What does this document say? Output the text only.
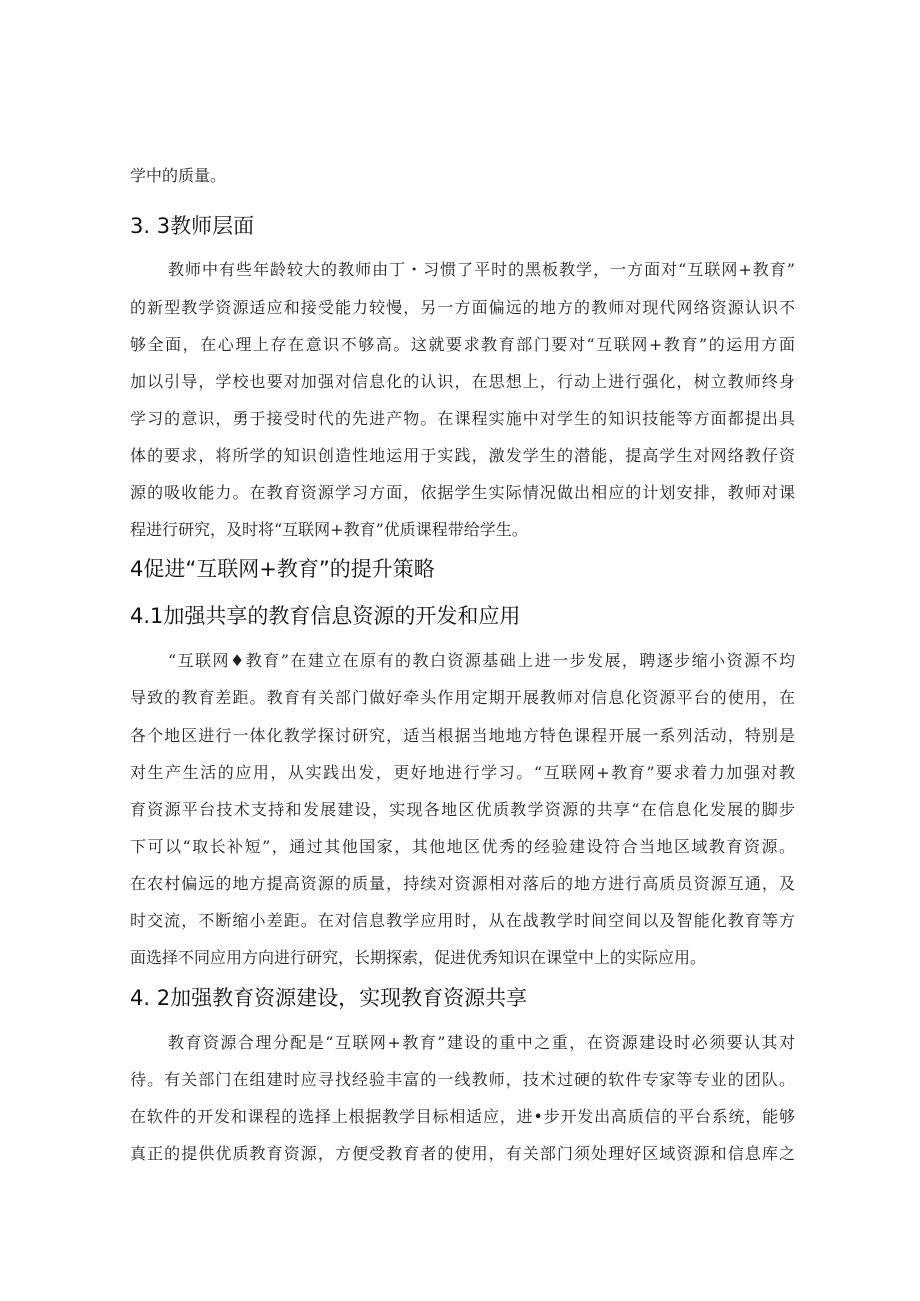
学中的质量。
3. 3教师层面
教师中有些年龄较大的教师由丁・习惯了平时的黑板教学，一方面对“互联网+教育”
的新型教学资源适应和接受能力较慢，另一方面偏远的地方的教师对现代网络资源认识不
够全面，在心理上存在意识不够高。这就要求教育部门要对“互联网+教育”的运用方面
加以引导，学校也要对加强对信息化的认识，在思想上，行动上进行强化，树立教师终身
学习的意识，勇于接受时代的先进产物。在课程实施中对学生的知识技能等方面都提出具
体的要求，将所学的知识创造性地运用于实践，激发学生的潜能，提高学生对网络教仔资
源的吸收能力。在教育资源学习方面，依据学生实际情况做出相应的计划安排，教师对课
程进行研究，及时将“互联网+教育”优质课程带给学生。
4促进“互联网+教育”的提升策略
4.1加强共享的教育信息资源的开发和应用
“互联网♦教育”在建立在原有的教白资源基础上进一步发展，聘逐步缩小资源不均
导致的教育差距。教育有关部门做好牵头作用定期开展教师对信息化资源平台的使用，在
各个地区进行一体化教学探讨研究，适当根据当地地方特色课程开展一系列活动，特别是
对生产生活的应用，从实践出发，更好地进行学习。“互联网+教育”要求着力加强对教
育资源平台技术支持和发展建设，实现各地区优质教学资源的共享“在信息化发展的脚步
下可以“取长补短”，通过其他国家，其他地区优秀的经验建设符合当地区域教育资源。
在农村偏远的地方提高资源的质量，持续对资源相对落后的地方进行高质员资源互通，及
时交流，不断缩小差距。在对信息教学应用时，从在战教学时间空间以及智能化教育等方
面选择不同应用方向进行研究，长期探索，促进优秀知识在课堂中上的实际应用。
4. 2加强教育资源建设，实现教育资源共享
教育资源合理分配是“互联网+教育”建设的重中之重，在资源建设时必须要认其对
待。有关部门在组建时应寻找经验丰富的一线教师，技术过硬的软件专家等专业的团队。
在软件的开发和课程的选择上根据教学目标相适应，进•步开发出高质信的平台系统，能够
真正的提供优质教育资源，方便受教育者的使用，有关部门须处理好区域资源和信息库之
